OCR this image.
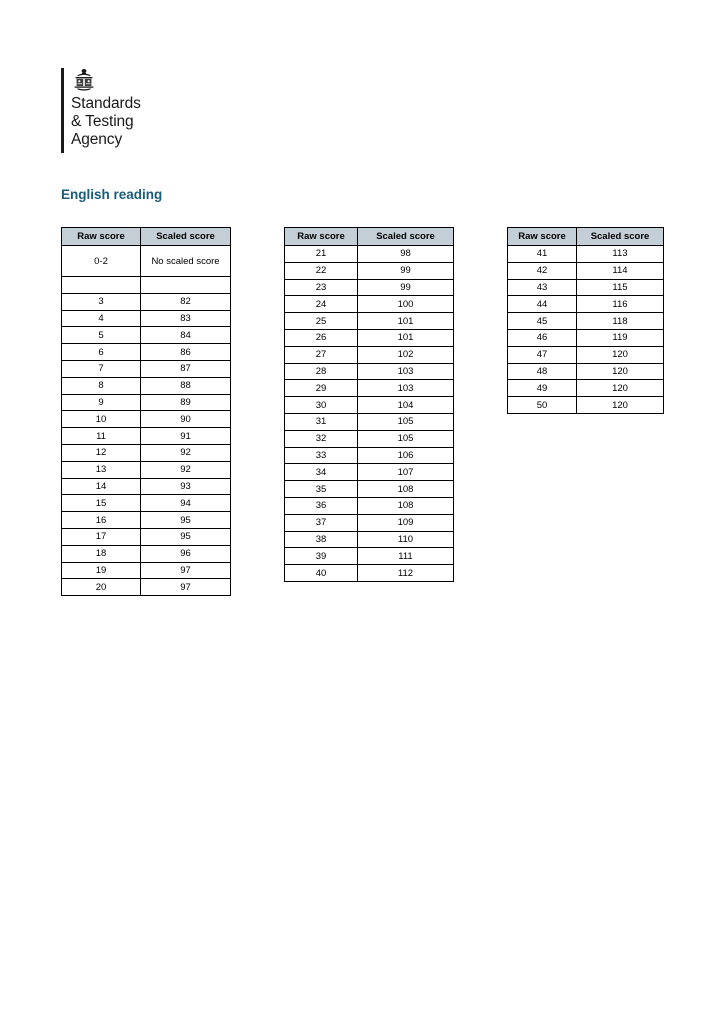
Standards
& Testing
Agency
English reading
Raw score	Scaled score
0-2	No scaled score

3	82
4	83
5	84
6	86
7	87
8	88
9	89
10	90
11	91
12	92
13	92
14	93
15	94
16	95
17	95
18	96
19	97
20	97
Raw score	Scaled score
21	98
22	99
23	99
24	100
25	101
26	101
27	102
28	103
29	103
30	104
31	105
32	105
33	106
34	107
35	108
36	108
37	109
38	110
39	111
40	112
Raw score	Scaled score
41	113
42	114
43	115
44	116
45	118
46	119
47	120
48	120
49	120
50	120
